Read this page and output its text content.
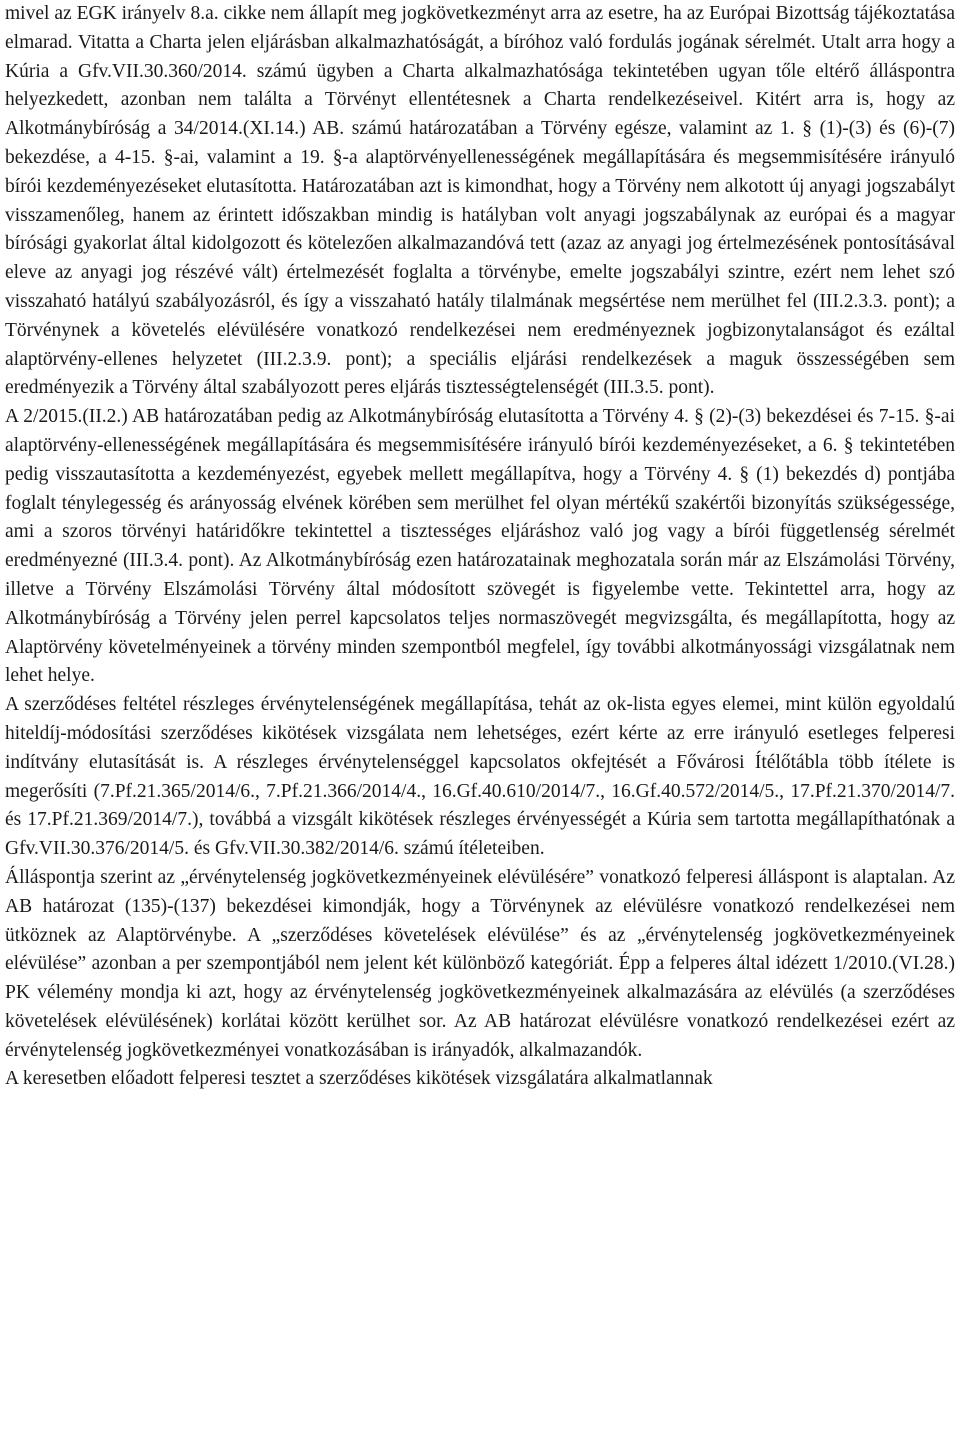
mivel az EGK irányelv 8.a. cikke nem állapít meg jogkövetkezményt arra az esetre, ha az Európai Bizottság tájékoztatása elmarad. Vitatta a Charta jelen eljárásban alkalmazhatóságát, a bíróhoz való fordulás jogának sérelmét. Utalt arra hogy a Kúria a Gfv.VII.30.360/2014. számú ügyben a Charta alkalmazhatósága tekintetében ugyan tőle eltérő álláspontra helyezkedett, azonban nem találta a Törvényt ellentétesnek a Charta rendelkezéseivel. Kitért arra is, hogy az Alkotmánybíróság a 34/2014.(XI.14.) AB. számú határozatában a Törvény egésze, valamint az 1. § (1)-(3) és (6)-(7) bekezdése, a 4-15. §-ai, valamint a 19. §-a alaptörvényellenességének megállapítására és megsemmisítésére irányuló bírói kezdeményezéseket elutasította. Határozatában azt is kimondhat, hogy a Törvény nem alkotott új anyagi jogszabályt visszamenőleg, hanem az érintett időszakban mindig is hatályban volt anyagi jogszabálynak az európai és a magyar bírósági gyakorlat által kidolgozott és kötelezően alkalmazandóvá tett (azaz az anyagi jog értelmezésének pontosításával eleve az anyagi jog részévé vált) értelmezését foglalta a törvénybe, emelte jogszabályi szintre, ezért nem lehet szó visszaható hatályú szabályozásról, és így a visszaható hatály tilalmának megsértése nem merülhet fel (III.2.3.3. pont); a Törvénynek a követelés elévülésére vonatkozó rendelkezései nem eredményeznek jogbizonytalanságot és ezáltal alaptörvény-ellenes helyzetet (III.2.3.9. pont); a speciális eljárási rendelkezések a maguk összességében sem eredményezik a Törvény által szabályozott peres eljárás tisztességtelenségét (III.3.5. pont).

A 2/2015.(II.2.) AB határozatában pedig az Alkotmánybíróság elutasította a Törvény 4. § (2)-(3) bekezdései és 7-15. §-ai alaptörvény-ellenességének megállapítására és megsemmisítésére irányuló bírói kezdeményezéseket, a 6. § tekintetében pedig visszautasította a kezdeményezést, egyebek mellett megállapítva, hogy a Törvény 4. § (1) bekezdés d) pontjába foglalt ténylegesség és arányosság elvének körében sem merülhet fel olyan mértékű szakértői bizonyítás szükségessége, ami a szoros törvényi határidőkre tekintettel a tisztességes eljáráshoz való jog vagy a bírói függetlenség sérelmét eredményezné (III.3.4. pont). Az Alkotmánybíróság ezen határozatainak meghozatala során már az Elszámolási Törvény, illetve a Törvény Elszámolási Törvény által módosított szövegét is figyelembe vette. Tekintettel arra, hogy az Alkotmánybíróság a Törvény jelen perrel kapcsolatos teljes normaszövegét megvizsgálta, és megállapította, hogy az Alaptörvény követelményeinek a törvény minden szempontból megfelel, így további alkotmányossági vizsgálatnak nem lehet helye.

A szerződéses feltétel részleges érvénytelenségének megállapítása, tehát az ok-lista egyes elemei, mint külön egyoldalú hiteldíj-módosítási szerződéses kikötések vizsgálata nem lehetséges, ezért kérte az erre irányuló esetleges felperesi indítvány elutasítását is. A részleges érvénytelenséggel kapcsolatos okfejtését a Fővárosi Ítélőtábla több ítélete is megerősíti (7.Pf.21.365/2014/6., 7.Pf.21.366/2014/4., 16.Gf.40.610/2014/7., 16.Gf.40.572/2014/5., 17.Pf.21.370/2014/7. és 17.Pf.21.369/2014/7.), továbbá a vizsgált kikötések részleges érvényességét a Kúria sem tartotta megállapíthatónak a Gfv.VII.30.376/2014/5. és Gfv.VII.30.382/2014/6. számú ítéleteiben.

Álláspontja szerint az „érvénytelenség jogkövetkezményeinek elévülésére” vonatkozó felperesi álláspont is alaptalan. Az AB határozat (135)-(137) bekezdései kimondják, hogy a Törvénynek az elévülésre vonatkozó rendelkezései nem ütköznek az Alaptörvénybe. A „szerződéses követelések elévülése” és az „érvénytelenség jogkövetkezményeinek elévülése” azonban a per szempontjából nem jelent két különböző kategóriát. Épp a felperes által idézett 1/2010.(VI.28.) PK vélemény mondja ki azt, hogy az érvénytelenség jogkövetkezményeinek alkalmazására az elévülés (a szerződéses követelések elévülésének) korlátai között kerülhet sor. Az AB határozat elévülésre vonatkozó rendelkezései ezért az érvénytelenség jogkövetkezményei vonatkozásában is irányadók, alkalmazandók.

A keresetben előadott felperesi tesztet a szerződéses kikötések vizsgálatára alkalmatlannak
